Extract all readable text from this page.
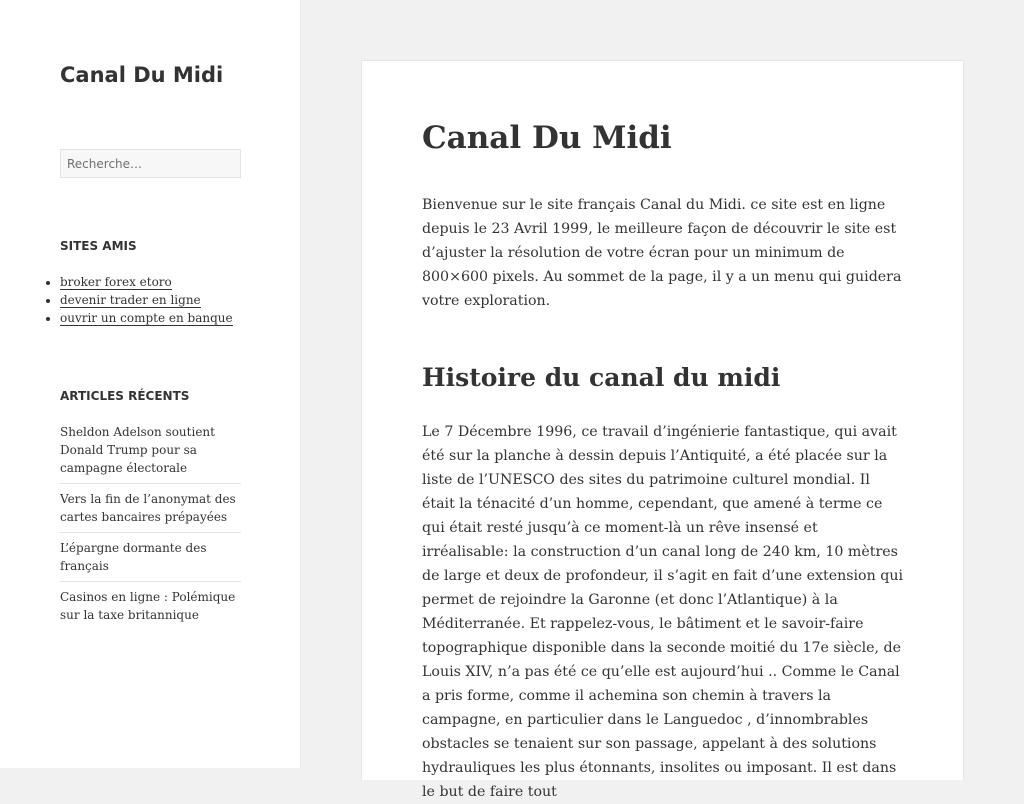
Canal Du Midi
Recherche…
SITES AMIS
• broker forex etoro
• devenir trader en ligne
• ouvrir un compte en banque
ARTICLES RÉCENTS
Sheldon Adelson soutient Donald Trump pour sa campagne électorale
Vers la fin de l’anonymat des cartes bancaires prépayées
L’épargne dormante des français
Casinos en ligne : Polémique sur la taxe britannique
Canal Du Midi

Bienvenue sur le site français Canal du Midi. ce site est en ligne depuis le 23 Avril 1999, le meilleure façon de découvrir le site est d’ajuster la résolution de votre écran pour un minimum de 800×600 pixels. Au sommet de la page, il y a un menu qui guidera votre exploration.

Histoire du canal du midi

Le 7 Décembre 1996, ce travail d’ingénierie fantastique, qui avait été sur la planche à dessin depuis l’Antiquité, a été placée sur la liste de l’UNESCO des sites du patrimoine culturel mondial. Il était la ténacité d’un homme, cependant, que amené à terme ce qui était resté jusqu’à ce moment-là un rêve insensé et irréalisable: la construction d’un canal long de 240 km, 10 mètres de large et deux de profondeur, il s’agit en fait d’une extension qui permet de rejoindre la Garonne (et donc l’Atlantique) à la Méditerranée. Et rappelez-vous, le bâtiment et le savoir-faire topographique disponible dans la seconde moitié du 17e siècle, de Louis XIV, n’a pas été ce qu’elle est aujourd’hui .. Comme le Canal a pris forme, comme il achemina son chemin à travers la campagne, en particulier dans le Languedoc , d’innombrables obstacles se tenaient sur son passage, appelant à des solutions hydrauliques les plus étonnants, insolites ou imposant. Il est dans le but de faire tout
